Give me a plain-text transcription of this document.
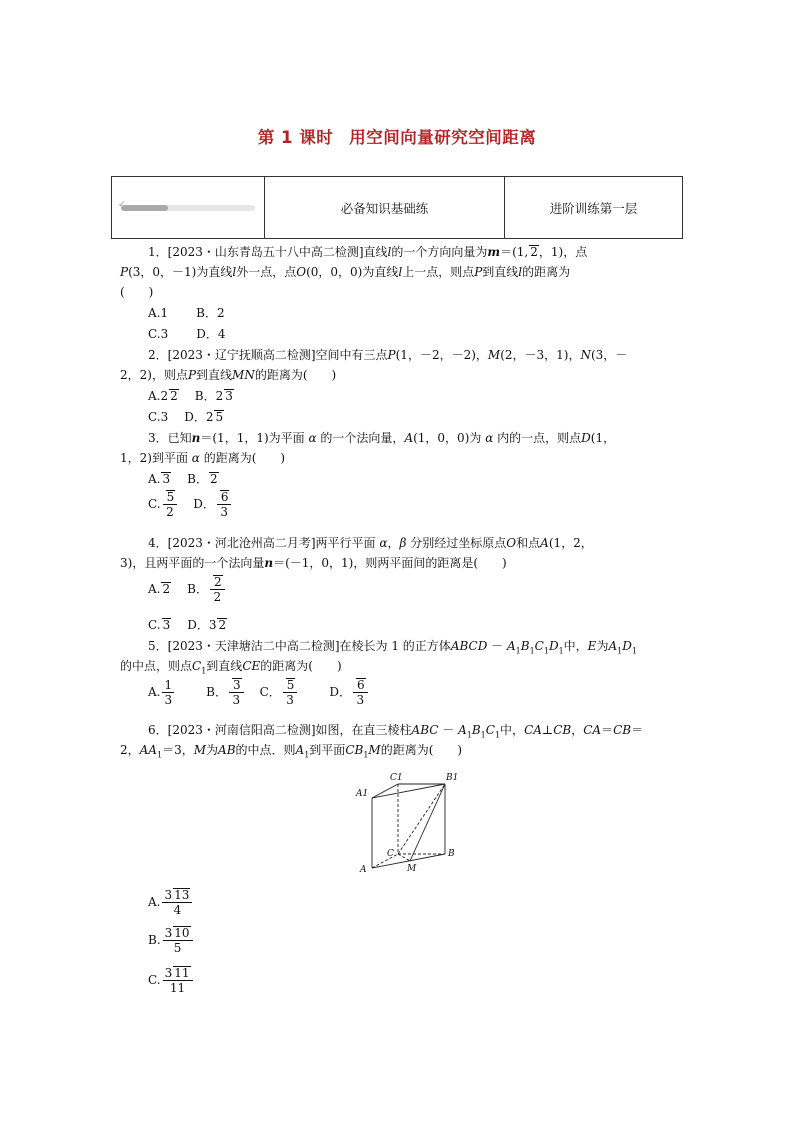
第 1 课时 用空间向量研究空间距离
✓	必备知识基础练	进阶训练第一层
1．[2023・山东青岛五十八中高二检测]直线l的一个方向向量为m＝(1, 2，1)，点
P(3，0，－1)为直线l外一点，点O(0，0，0)为直线l上一点，则点P到直线l的距离为
(　　)
A.1 B．2
C.3 D．4
2．[2023・辽宁抚顺高二检测]空间中有三点P(1，－2，－2)，M(2，－3，1)，N(3，－
2，2)，则点P到直线MN的距离为(　　)
A.2 2 B．2 3
C.3 D．2 5
3．已知n＝(1，1，1)为平面 α 的一个法向量，A(1，0，0)为 α 内的一点，则点D(1，
1，2)到平面 α 的距离为(　　)
A. 3 B． 2
C. $\frac{5}{2}$ D． $\frac{6}{3}$
4．[2023・河北沧州高二月考]两平行平面 α，β 分别经过坐标原点O和点A(1，2，
3)，且两平面的一个法向量n＝(－1，0，1)，则两平面间的距离是(　　)
A. 2 B． $\frac{2}{2}$
C. 3 D．3 2
5．[2023・天津塘沽二中高二检测]在棱长为 1 的正方体ABCD － $A_1B_1C_1D_1$中，E为$A_1D_1$
的中点，则点$C_1$到直线CE的距离为(　　)
A. $\frac{1}{3}$	B． $\frac{3}{3}$ C． $\frac{5}{3}$	D． $\frac{6}{3}$
6．[2023・河南信阳高二检测]如图，在直三棱柱ABC － $A_1B_1C_1$中，CA⊥CB，CA＝CB＝
2，$AA_1=3$，M为AB的中点．则$A_1$到平面$CB_1M$的距离为(　　)
C1	B1
A1
C	B
A	M
A. $\frac{3 13}{4}$
B. $\frac{3 10}{5}$
C. $\frac{3 11}{11}$
